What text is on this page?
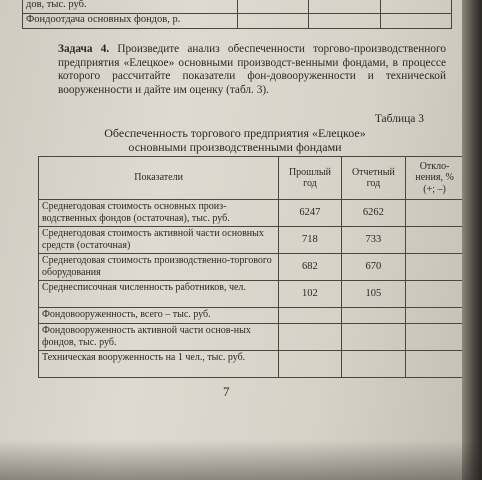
дов, тыс. руб.			
Фондоотдача основных фондов, р.			
Задача 4. Произведите анализ обеспеченности торгово-производственного предприятия «Елецкое» основными производст-венными фондами, в процессе которого рассчитайте показатели фон-довооруженности и технической вооруженности и дайте им оценку (табл. 3).
Таблица 3
Обеспеченность торгового предприятия «Елецкое»
основными производственными фондами
Показатели	Прошлый год	Отчетный год	Откло-нения, % (+; –)
Среднегодовая стоимость основных произ-водственных фондов (остаточная), тыс. руб.	6247	6262	
Среднегодовая стоимость активной части основных средств (остаточная)	718	733	
Среднегодовая стоимость производственно-торгового оборудования	682	670	
Среднесписочная численность работников, чел.	102	105	
Фондовооруженность, всего – тыс. руб.			
Фондовооруженность активной части основ-ных фондов, тыс. руб.			
Техническая вооруженность на 1 чел., тыс. руб.			
7
